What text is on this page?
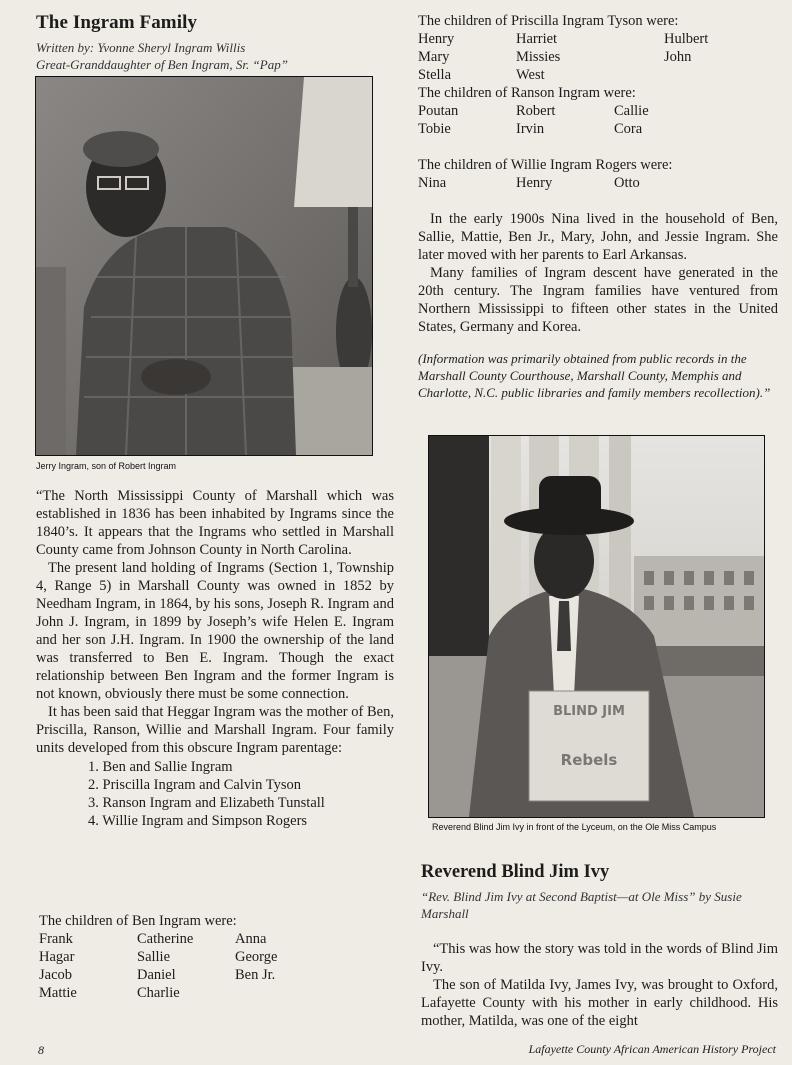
The Ingram Family
Written by: Yvonne Sheryl Ingram Willis
Great-Granddaughter of Ben Ingram, Sr. “Pap”
Jerry Ingram, son of Robert Ingram

“The North Mississippi County of Marshall which was established in 1836 has been inhabited by Ingrams since the 1840’s. It appears that the Ingrams who settled in Marshall County came from Johnson County in North Carolina.

The present land holding of Ingrams (Section 1, Township 4, Range 5) in Marshall County was owned in 1852 by Needham Ingram, in 1864, by his sons, Joseph R. Ingram and John J. Ingram, in 1899 by Joseph’s wife Helen E. Ingram and her son J.H. Ingram. In 1900 the ownership of the land was transferred to Ben E. Ingram. Though the exact relationship between Ben Ingram and the former Ingram is not known, obviously there must be some connection.

It has been said that Heggar Ingram was the mother of Ben, Priscilla, Ranson, Willie and Marshall Ingram. Four family units developed from this obscure Ingram parentage:

1. Ben and Sallie Ingram
2. Priscilla Ingram and Calvin Tyson
3. Ranson Ingram and Elizabeth Tunstall
4. Willie Ingram and Simpson Rogers
The children of Ben Ingram were:
Frank	Catherine	Anna
Hagar	Sallie	George
Jacob	Daniel	Ben Jr.
Mattie	Charlie
The children of Priscilla Ingram Tyson were:
Henry	Harriet	Hulbert
Mary	Missies	John
Stella	West
The children of Ranson Ingram were:
Poutan	Robert	Callie
Tobie	Irvin	Cora
The children of Willie Ingram Rogers were:
Nina	Henry	Otto

In the early 1900s Nina lived in the household of Ben, Sallie, Mattie, Ben Jr., Mary, John, and Jessie Ingram. She later moved with her parents to Earl Arkansas.

Many families of Ingram descent have generated in the 20th century. The Ingram families have ventured from Northern Mississippi to fifteen other states in the United States, Germany and Korea.

(Information was primarily obtained from public records in the Marshall County Courthouse, Marshall County, Memphis and Charlotte, N.C. public libraries and family members recollection).”
BLIND JIM
Rebels
Reverend Blind Jim Ivy in front of the Lyceum, on the Ole Miss Campus
Reverend Blind Jim Ivy
“Rev. Blind Jim Ivy at Second Baptist—at Ole Miss” by Susie Marshall

“This was how the story was told in the words of Blind Jim Ivy.

The son of Matilda Ivy, James Ivy, was brought to Oxford, Lafayette County with his mother in early childhood. His mother, Matilda, was one of the eight

8	Lafayette County African American History Project
